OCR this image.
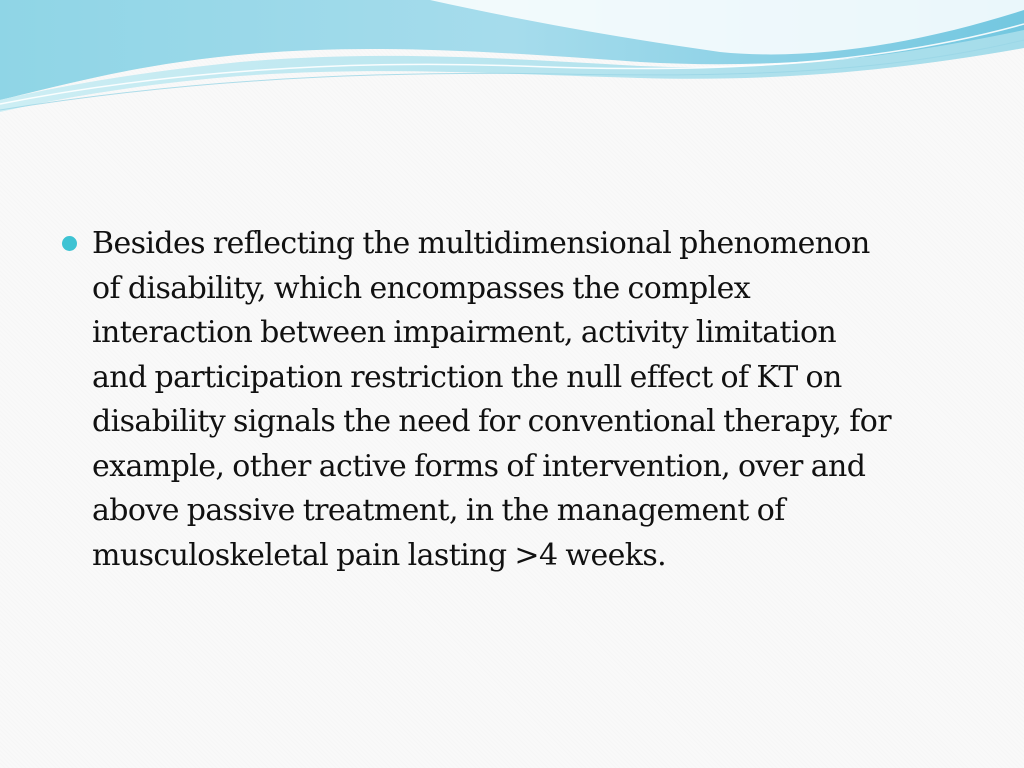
Besides reflecting the multidimensional phenomenon
of disability, which encompasses the complex
interaction between impairment, activity limitation
and participation restriction the null effect of KT on
disability signals the need for conventional therapy, for
example, other active forms of intervention, over and
above passive treatment, in the management of
musculoskeletal pain lasting >4 weeks.
